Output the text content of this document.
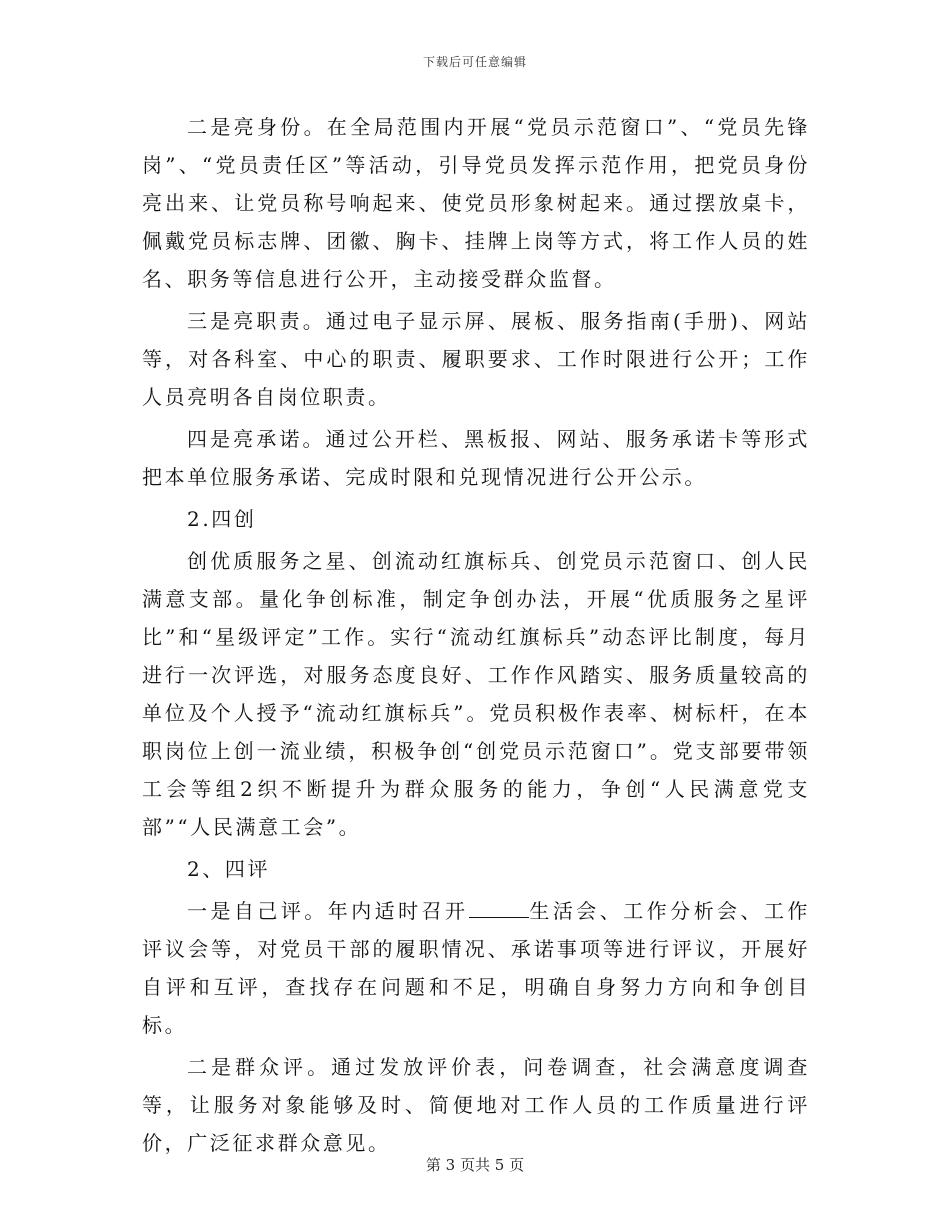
下载后可任意编辑

二是亮身份。在全局范围内开展“党员示范窗口”、“党员先锋岗”、“党员责任区”等活动，引导党员发挥示范作用，把党员身份亮出来、让党员称号响起来、使党员形象树起来。通过摆放桌卡，佩戴党员标志牌、团徽、胸卡、挂牌上岗等方式，将工作人员的姓名、职务等信息进行公开，主动接受群众监督。

三是亮职责。通过电子显示屏、展板、服务指南(手册)、网站等，对各科室、中心的职责、履职要求、工作时限进行公开；工作人员亮明各自岗位职责。

四是亮承诺。通过公开栏、黑板报、网站、服务承诺卡等形式把本单位服务承诺、完成时限和兑现情况进行公开公示。

2.四创

创优质服务之星、创流动红旗标兵、创党员示范窗口、创人民满意支部。量化争创标准，制定争创办法，开展“优质服务之星评比”和“星级评定”工作。实行“流动红旗标兵”动态评比制度，每月进行一次评选，对服务态度良好、工作作风踏实、服务质量较高的单位及个人授予“流动红旗标兵”。党员积极作表率、树标杆，在本职岗位上创一流业绩，积极争创“创党员示范窗口”。党支部要带领工会等组2织不断提升为群众服务的能力，争创“人民满意党支部”“人民满意工会”。

2、四评

一是自己评。年内适时召开	生活会、工作分析会、工作评议会等，对党员干部的履职情况、承诺事项等进行评议，开展好自评和互评，查找存在问题和不足，明确自身努力方向和争创目标。

二是群众评。通过发放评价表，问卷调查，社会满意度调查等，让服务对象能够及时、简便地对工作人员的工作质量进行评价，广泛征求群众意见。

第 3 页共 5 页
